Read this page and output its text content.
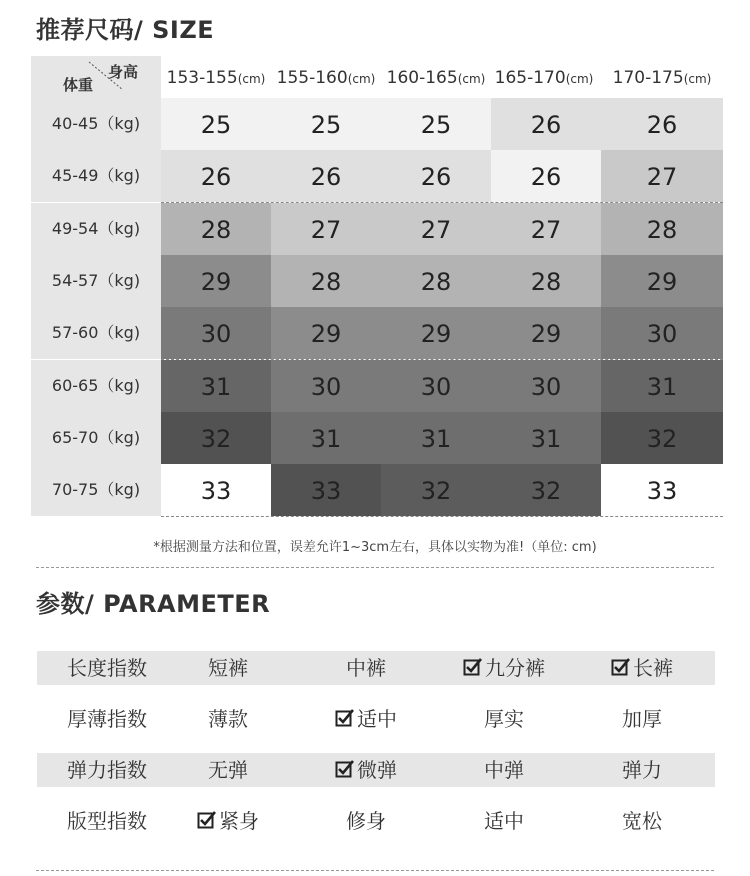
推荐尺码/ SIZE
身高
体重	153-155(cm) 155-160(cm) 160-165(cm) 165-170(cm)	170-175(cm)
40-45（kg)	25	25	25	26	26
45-49（kg)	26	26	26	26	27
49-54（kg)	28	27	27	27	28
54-57（kg)	29	28	28	28	29
57-60（kg)	30	29	29	29	30
60-65（kg)	31	30	30	30	31
65-70（kg)	32	31	31	31	32
70-75（kg)	33	33	32	32	33
*根据测量方法和位置，误差允许1~3cm左右，具体以实物为准!（单位: cm)
参数/ PARAMETER
长度指数	短裤	中裤	九分裤	长裤
厚薄指数	薄款	适中	厚实	加厚
弹力指数	无弹	微弹	中弹	弹力
版型指数	紧身	修身	适中	宽松
